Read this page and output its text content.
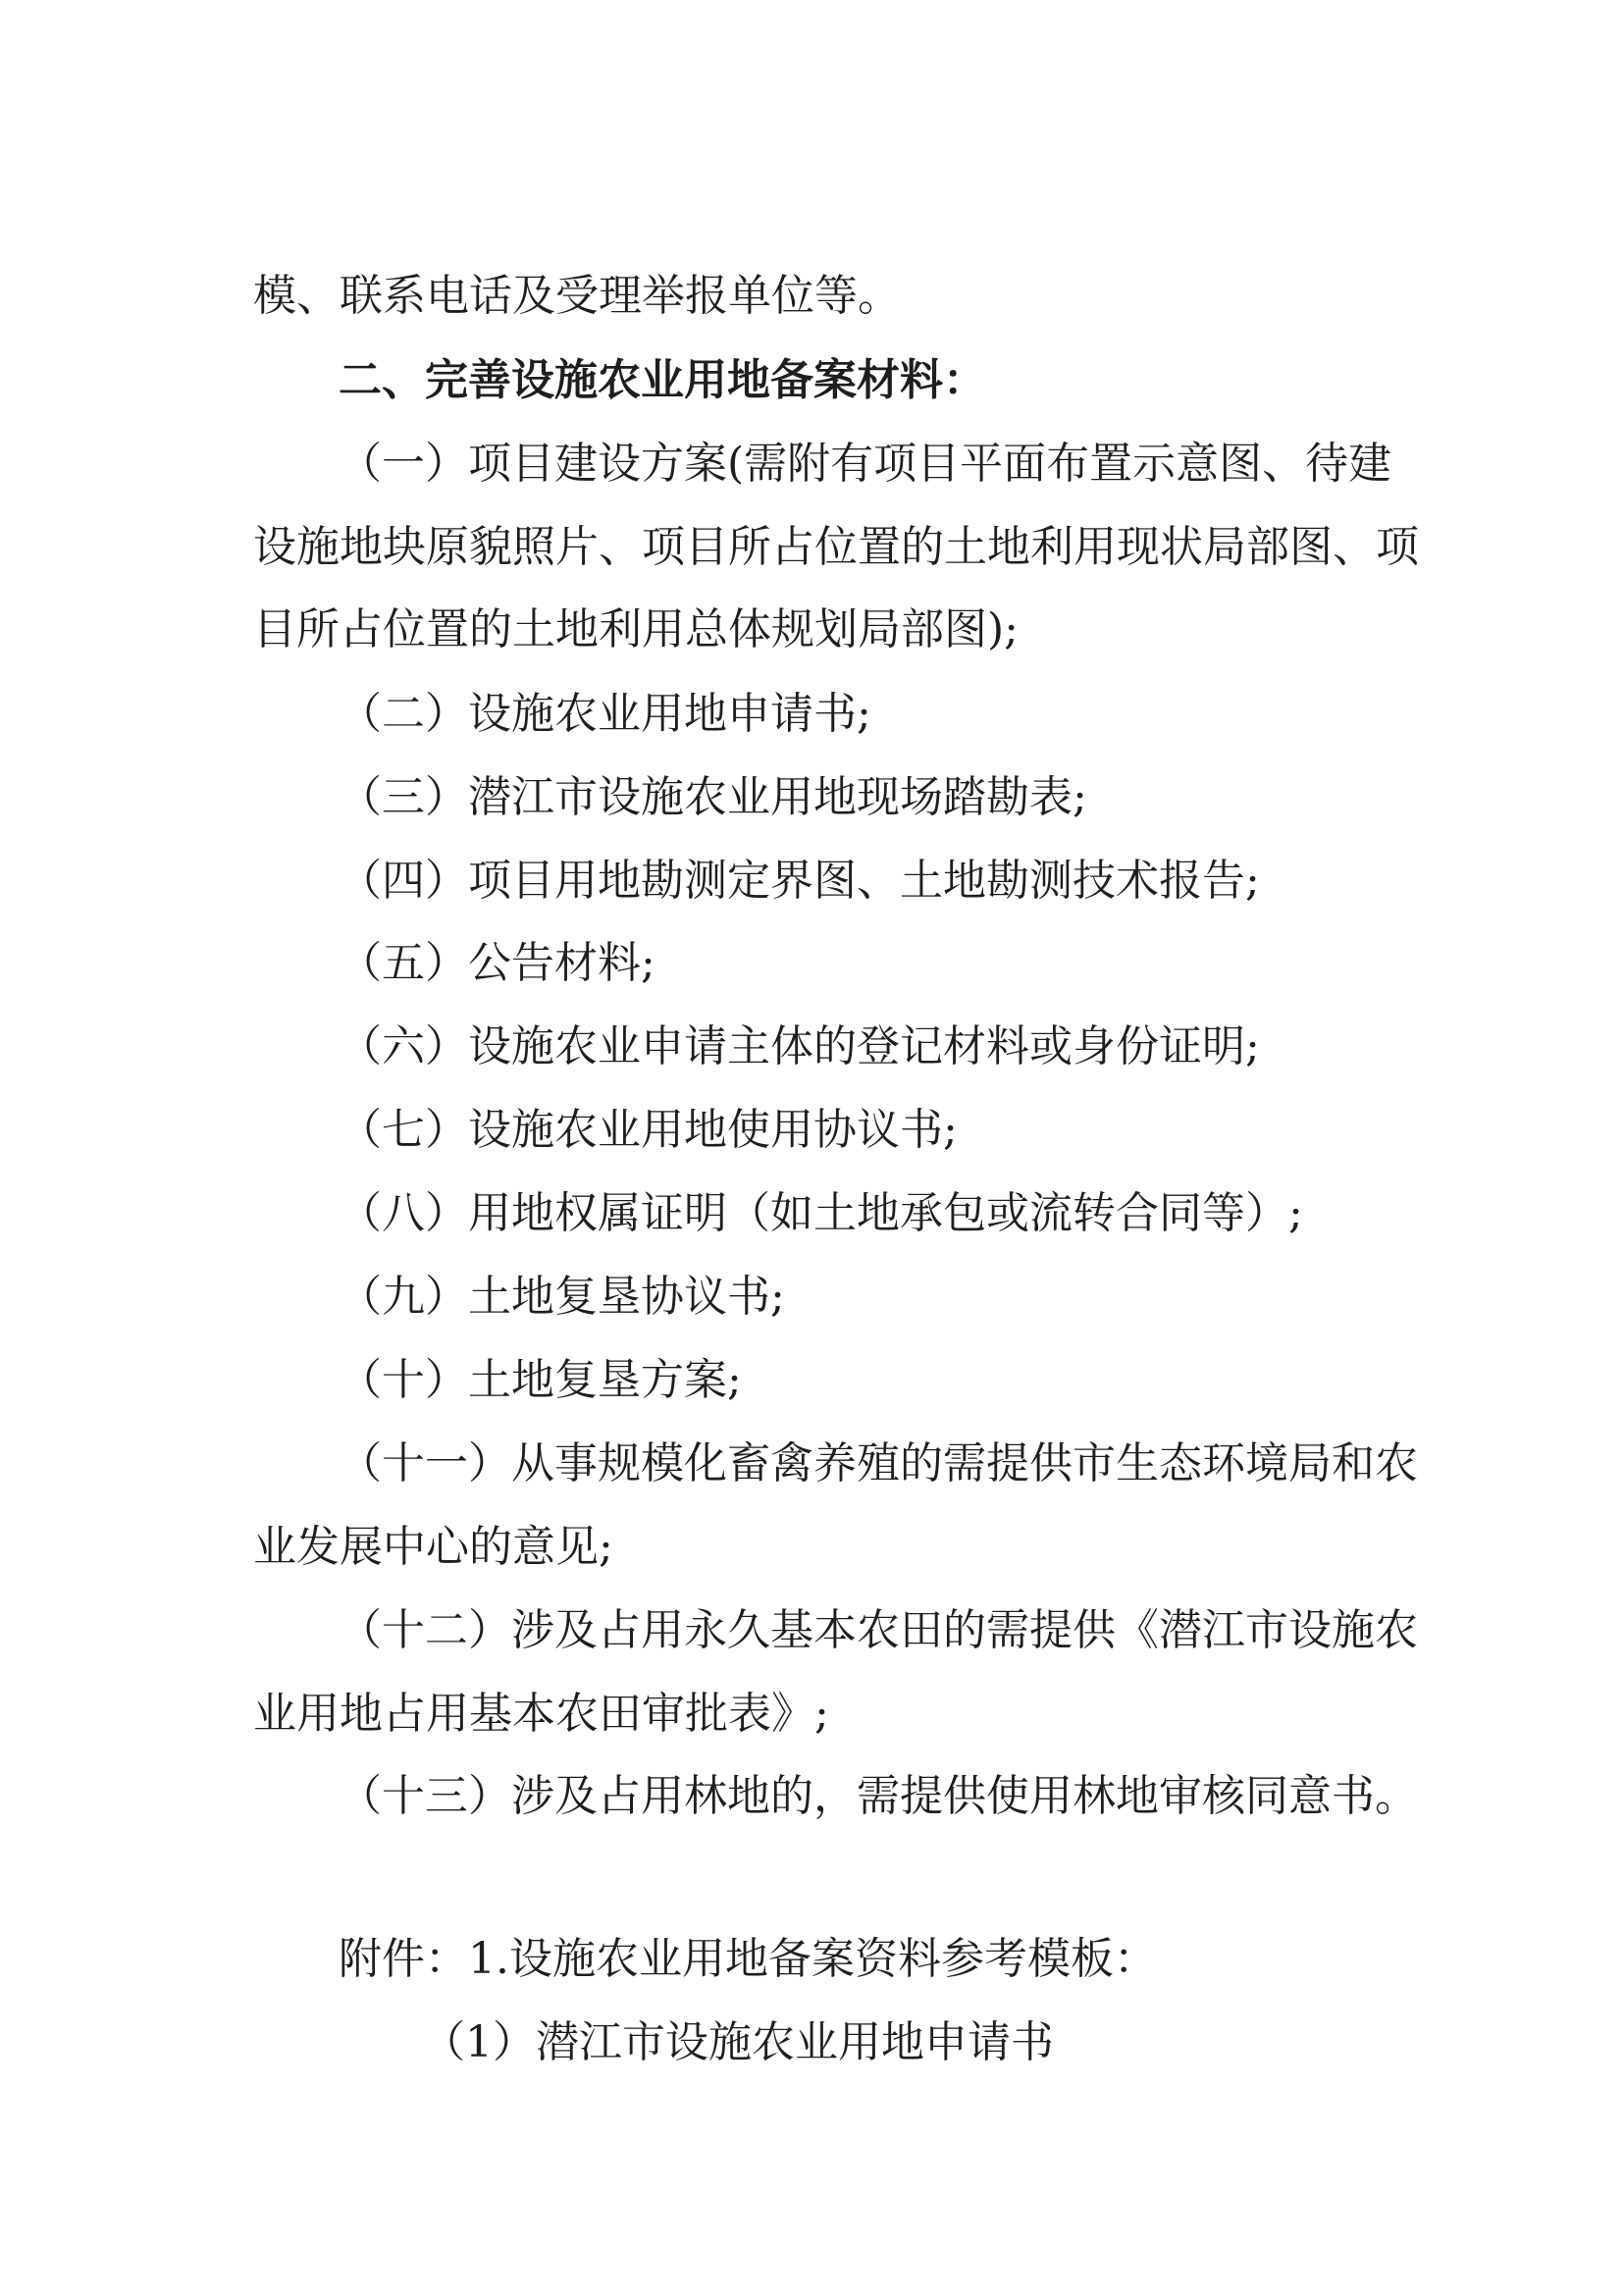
模、联系电话及受理举报单位等。

二、完善设施农业用地备案材料：

（一）项目建设方案(需附有项目平面布置示意图、待建

设施地块原貌照片、项目所占位置的土地利用现状局部图、项

目所占位置的土地利用总体规划局部图);

（二）设施农业用地申请书;

（三）潜江市设施农业用地现场踏勘表;

（四）项目用地勘测定界图、土地勘测技术报告;

（五）公告材料;

（六）设施农业申请主体的登记材料或身份证明;

（七）设施农业用地使用协议书;

（八）用地权属证明（如土地承包或流转合同等）;

（九）土地复垦协议书;

（十）土地复垦方案;

（十一）从事规模化畜禽养殖的需提供市生态环境局和农

业发展中心的意见;

（十二）涉及占用永久基本农田的需提供《潜江市设施农

业用地占用基本农田审批表》;

（十三）涉及占用林地的，需提供使用林地审核同意书。

附件：1.设施农业用地备案资料参考模板：

（1）潜江市设施农业用地申请书
